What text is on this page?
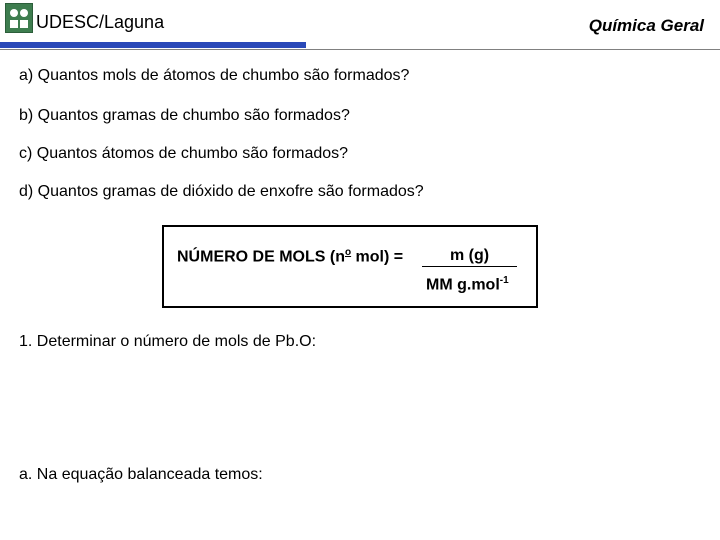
UDESC/Laguna	Química Geral
a) Quantos mols de átomos de chumbo são formados?
b) Quantos gramas de chumbo são formados?
c) Quantos átomos de chumbo são formados?
d) Quantos gramas de dióxido de enxofre são formados?
NÚMERO DE MOLS ($n^o$ mol) =	m (g)
MM g.mol$^{-1}$
1. Determinar o número de mols de Pb.O:
a. Na equação balanceada temos:
